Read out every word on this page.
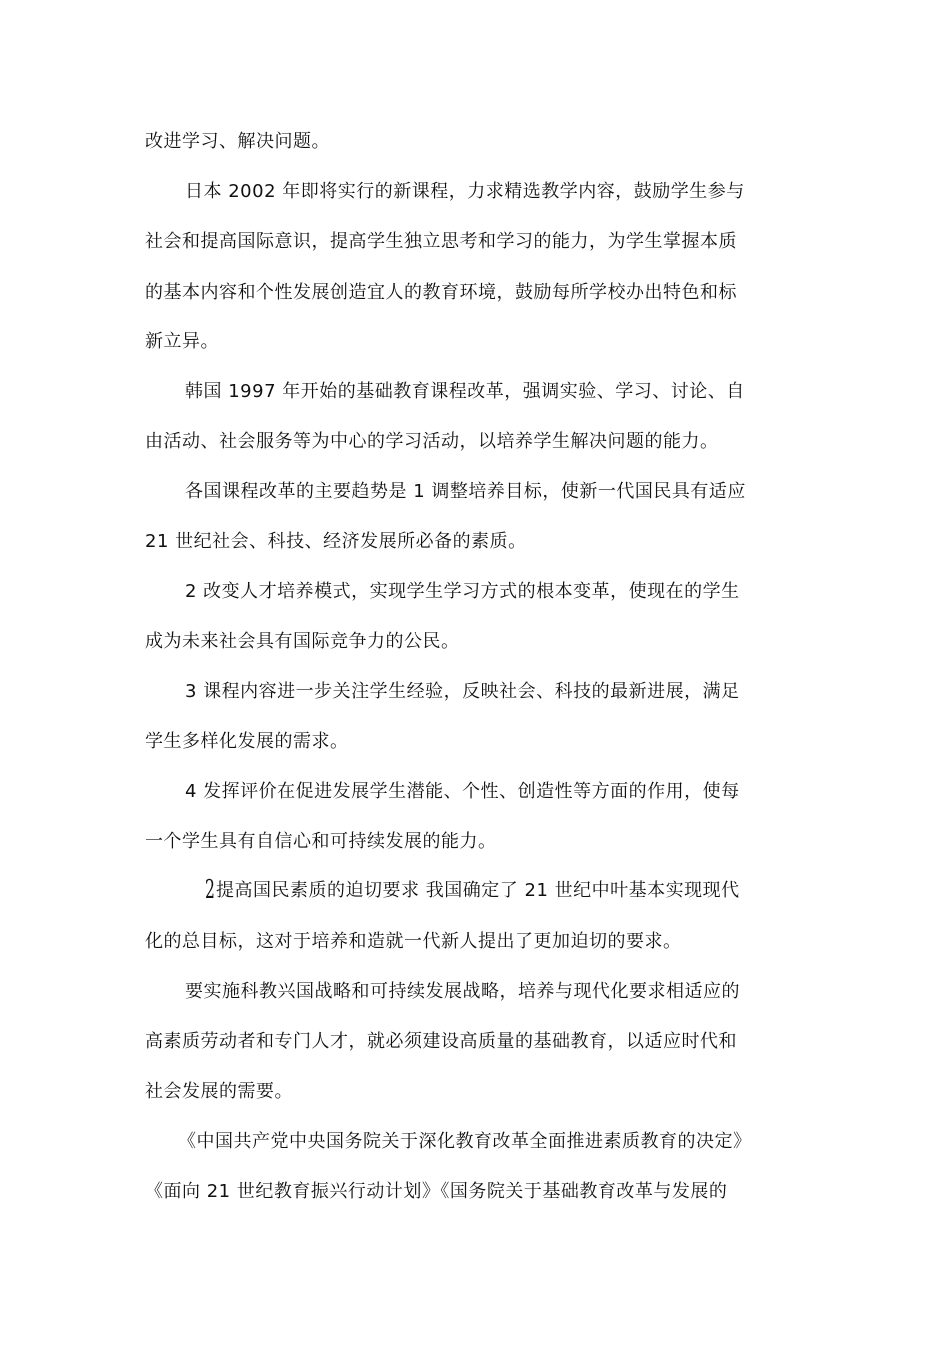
改进学习、解决问题。
日本 2002 年即将实行的新课程，力求精选教学内容，鼓励学生参与
社会和提高国际意识，提高学生独立思考和学习的能力，为学生掌握本质
的基本内容和个性发展创造宜人的教育环境，鼓励每所学校办出特色和标
新立异。
韩国 1997 年开始的基础教育课程改革，强调实验、学习、讨论、自
由活动、社会服务等为中心的学习活动，以培养学生解决问题的能力。
各国课程改革的主要趋势是 1 调整培养目标，使新一代国民具有适应
21 世纪社会、科技、经济发展所必备的素质。
2 改变人才培养模式，实现学生学习方式的根本变革，使现在的学生
成为未来社会具有国际竞争力的公民。
3 课程内容进一步关注学生经验，反映社会、科技的最新进展，满足
学生多样化发展的需求。
4 发挥评价在促进发展学生潜能、个性、创造性等方面的作用，使每
一个学生具有自信心和可持续发展的能力。
2提高国民素质的迫切要求 我国确定了 21 世纪中叶基本实现现代
化的总目标，这对于培养和造就一代新人提出了更加迫切的要求。
要实施科教兴国战略和可持续发展战略，培养与现代化要求相适应的
高素质劳动者和专门人才，就必须建设高质量的基础教育，以适应时代和
社会发展的需要。
《中国共产党中央国务院关于深化教育改革全面推进素质教育的决定》
《面向 21 世纪教育振兴行动计划》《国务院关于基础教育改革与发展的
